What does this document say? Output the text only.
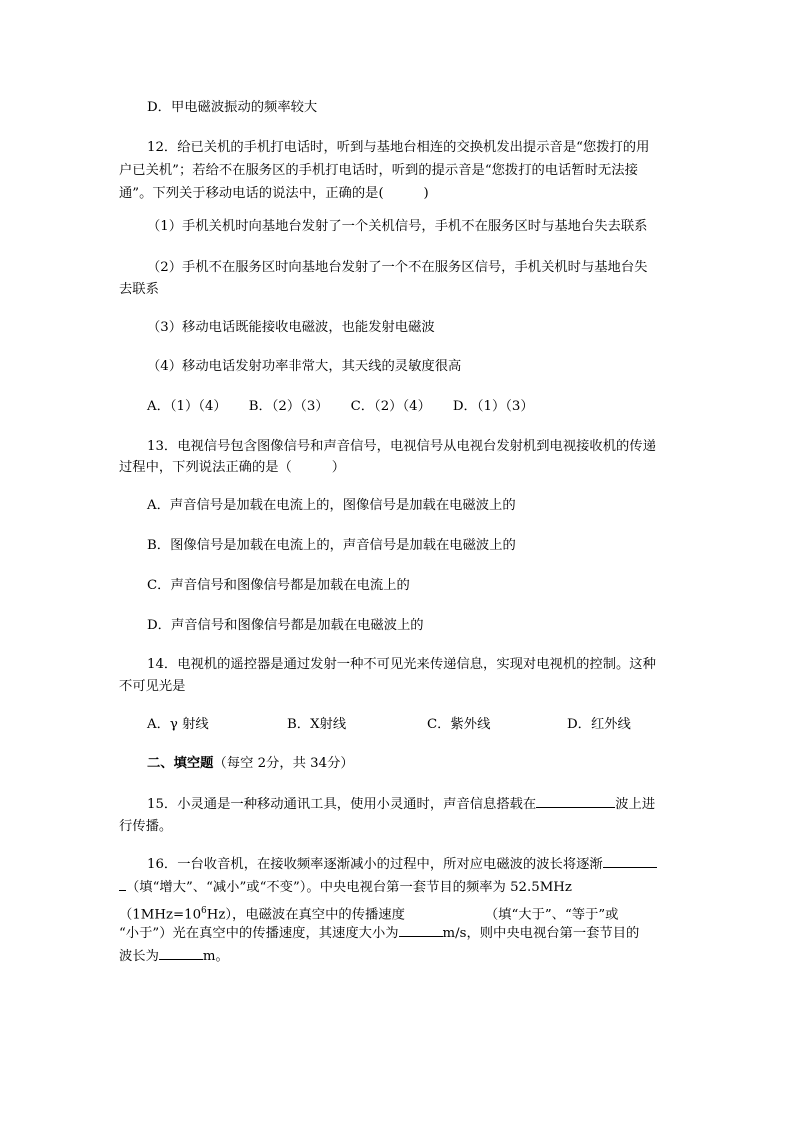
D．甲电磁波振动的频率较大
12．给已关机的手机打电话时，听到与基地台相连的交换机发出提示音是“您拨打的用
户已关机”；若给不在服务区的手机打电话时，听到的提示音是“您拨打的电话暂时无法接
通”。下列关于移动电话的说法中，正确的是(　　　)
（1）手机关机时向基地台发射了一个关机信号，手机不在服务区时与基地台失去联系
（2）手机不在服务区时向基地台发射了一个不在服务区信号，手机关机时与基地台失
去联系
（3）移动电话既能接收电磁波，也能发射电磁波
（4）移动电话发射功率非常大，其天线的灵敏度很高
A．（1）（4） B．（2）（3） C．（2）（4） D．（1）（3）
13．电视信号包含图像信号和声音信号，电视信号从电视台发射机到电视接收机的传递
过程中，下列说法正确的是（　　　）
A．声音信号是加载在电流上的，图像信号是加载在电磁波上的
B．图像信号是加载在电流上的，声音信号是加载在电磁波上的
C．声音信号和图像信号都是加载在电流上的
D．声音信号和图像信号都是加载在电磁波上的
14．电视机的遥控器是通过发射一种不可见光来传递信息，实现对电视机的控制。这种
不可见光是
A．γ 射线	B．X射线	C．紫外线	D．红外线
二、填空题（每空 2分，共 34分）
15．小灵通是一种移动通讯工具，使用小灵通时，声音信息搭载在	波上进
行传播。
16．一台收音机，在接收频率逐渐减小的过程中，所对应电磁波的波长将逐渐
（填“增大”、“减小”或“不变”）。中央电视台第一套节目的频率为 52.5MHz
$(1MHz=10^6Hz)$，电磁波在真空中的传播速度	（填“大于”、“等于”或
“小于”）光在真空中的传播速度，其速度大小为	m/s，则中央电视台第一套节目的
波长为	m。
